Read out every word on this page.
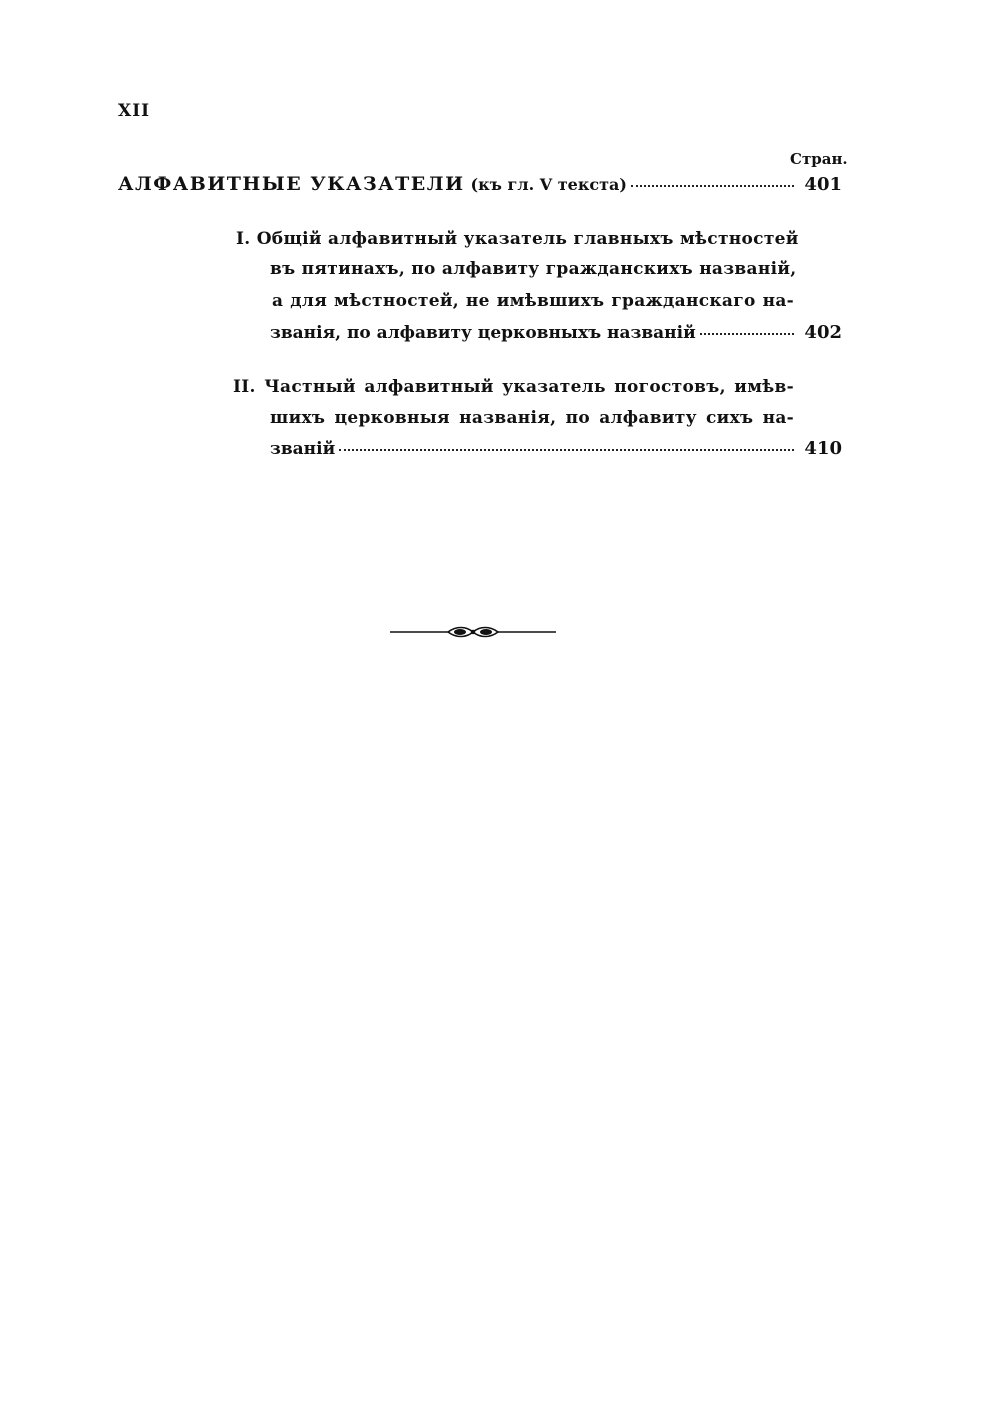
XII
Стран.
АЛФАВИТНЫЕ УКАЗАТЕЛИ (къ гл. V текста)	401
I. Общій алфавитный указатель главныхъ мѣстностей
въ пятинахъ, по алфавиту гражданскихъ названій,
а для мѣстностей, не имѣвшихъ гражданскаго на-
званія, по алфавиту церковныхъ названій	402
II. Частный алфавитный указатель погостовъ, имѣв-
шихъ церковныя названія, по алфавиту сихъ на-
званій	410
